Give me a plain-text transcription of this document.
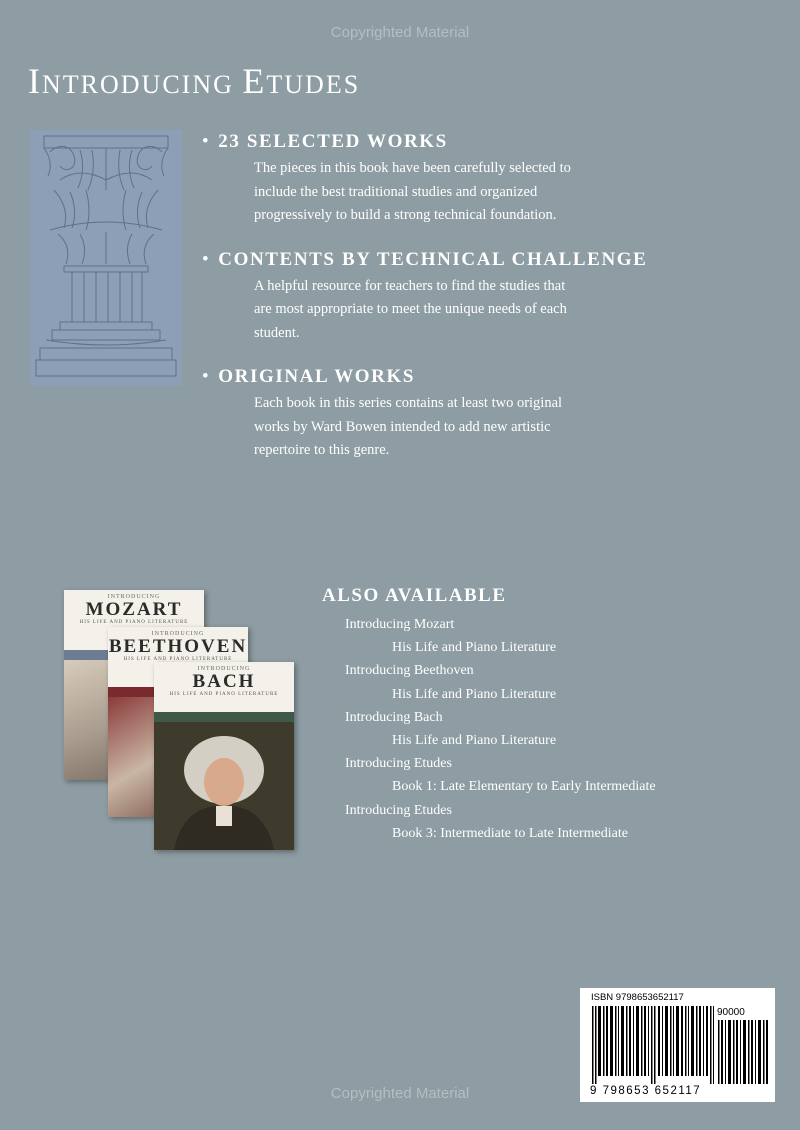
Copyrighted Material
INTRODUCING ETUDES
• 23 SELECTED WORKS

The pieces in this book have been carefully selected to include the best traditional studies and organized progressively to build a strong technical foundation.

• CONTENTS BY TECHNICAL CHALLENGE

A helpful resource for teachers to find the studies that are most appropriate to meet the unique needs of each student.

• ORIGINAL WORKS

Each book in this series contains at least two original works by Ward Bowen intended to add new artistic repertoire to this genre.

INTRODUCING
MOZART
HIS LIFE AND PIANO LITERATURE
INTRODUCING
BEETHOVEN
HIS LIFE AND PIANO LITERATURE
INTRODUCING
BACH
HIS LIFE AND PIANO LITERATURE
ALSO AVAILABLE
Introducing Mozart
His Life and Piano Literature
Introducing Beethoven
His Life and Piano Literature
Introducing Bach
His Life and Piano Literature
Introducing Etudes
Book 1: Late Elementary to Early Intermediate
Introducing Etudes
Book 3: Intermediate to Late Intermediate
ISBN 9798653652117
90000
9 798653 652117
Copyrighted Material
